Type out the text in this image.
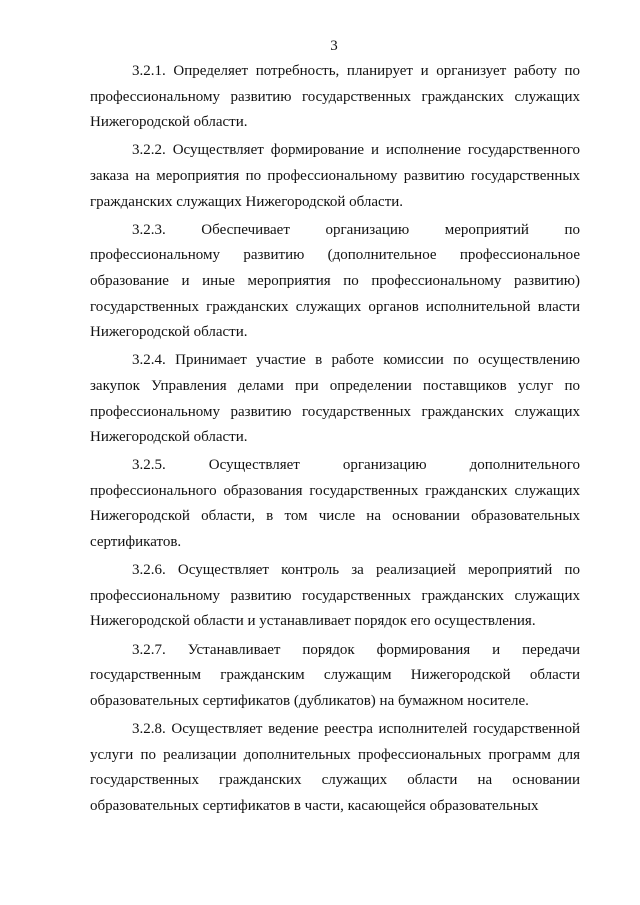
3

3.2.1. Определяет потребность, планирует и организует работу по профессиональному развитию государственных гражданских служащих Нижегородской области.

3.2.2. Осуществляет формирование и исполнение государственного заказа на мероприятия по профессиональному развитию государственных гражданских служащих Нижегородской области.

3.2.3. Обеспечивает организацию мероприятий по профессиональному развитию (дополнительное профессиональное образование и иные мероприятия по профессиональному развитию) государственных гражданских служащих органов исполнительной власти Нижегородской области.

3.2.4. Принимает участие в работе комиссии по осуществлению закупок Управления делами при определении поставщиков услуг по профессиональному развитию государственных гражданских служащих Нижегородской области.

3.2.5. Осуществляет организацию дополнительного профессионального образования государственных гражданских служащих Нижегородской области, в том числе на основании образовательных сертификатов.

3.2.6. Осуществляет контроль за реализацией мероприятий по профессиональному развитию государственных гражданских служащих Нижегородской области и устанавливает порядок его осуществления.

3.2.7. Устанавливает порядок формирования и передачи государственным гражданским служащим Нижегородской области образовательных сертификатов (дубликатов) на бумажном носителе.

3.2.8. Осуществляет ведение реестра исполнителей государственной услуги по реализации дополнительных профессиональных программ для государственных гражданских служащих области на основании образовательных сертификатов в части, касающейся образовательных
